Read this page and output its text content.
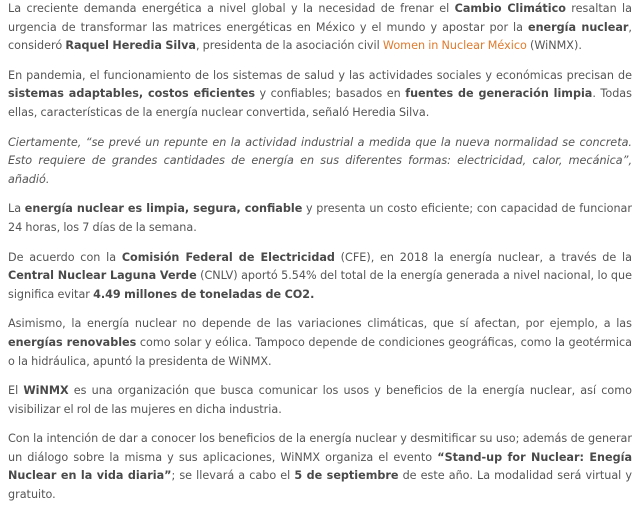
La creciente demanda energética a nivel global y la necesidad de frenar el Cambio Climático resaltan la urgencia de transformar las matrices energéticas en México y el mundo y apostar por la energía nuclear, consideró Raquel Heredia Silva, presidenta de la asociación civil Women in Nuclear México (WiNMX).

En pandemia, el funcionamiento de los sistemas de salud y las actividades sociales y económicas precisan de sistemas adaptables, costos eficientes y confiables; basados en fuentes de generación limpia. Todas ellas, características de la energía nuclear convertida, señaló Heredia Silva.

Ciertamente, “se prevé un repunte en la actividad industrial a medida que la nueva normalidad se concreta. Esto requiere de grandes cantidades de energía en sus diferentes formas: electricidad, calor, mecánica”, añadió.

La energía nuclear es limpia, segura, confiable y presenta un costo eficiente; con capacidad de funcionar 24 horas, los 7 días de la semana.

De acuerdo con la Comisión Federal de Electricidad (CFE), en 2018 la energía nuclear, a través de la Central Nuclear Laguna Verde (CNLV) aportó 5.54% del total de la energía generada a nivel nacional, lo que significa evitar 4.49 millones de toneladas de CO2.

Asimismo, la energía nuclear no depende de las variaciones climáticas, que sí afectan, por ejemplo, a las energías renovables como solar y eólica. Tampoco depende de condiciones geográficas, como la geotérmica o la hidráulica, apuntó la presidenta de WiNMX.

El WiNMX es una organización que busca comunicar los usos y beneficios de la energía nuclear, así como visibilizar el rol de las mujeres en dicha industria.

Con la intención de dar a conocer los beneficios de la energía nuclear y desmitificar su uso; además de generar un diálogo sobre la misma y sus aplicaciones, WiNMX organiza el evento “Stand-up for Nuclear: Enegía Nuclear en la vida diaria”; se llevará a cabo el 5 de septiembre de este año. La modalidad será virtual y gratuito.
